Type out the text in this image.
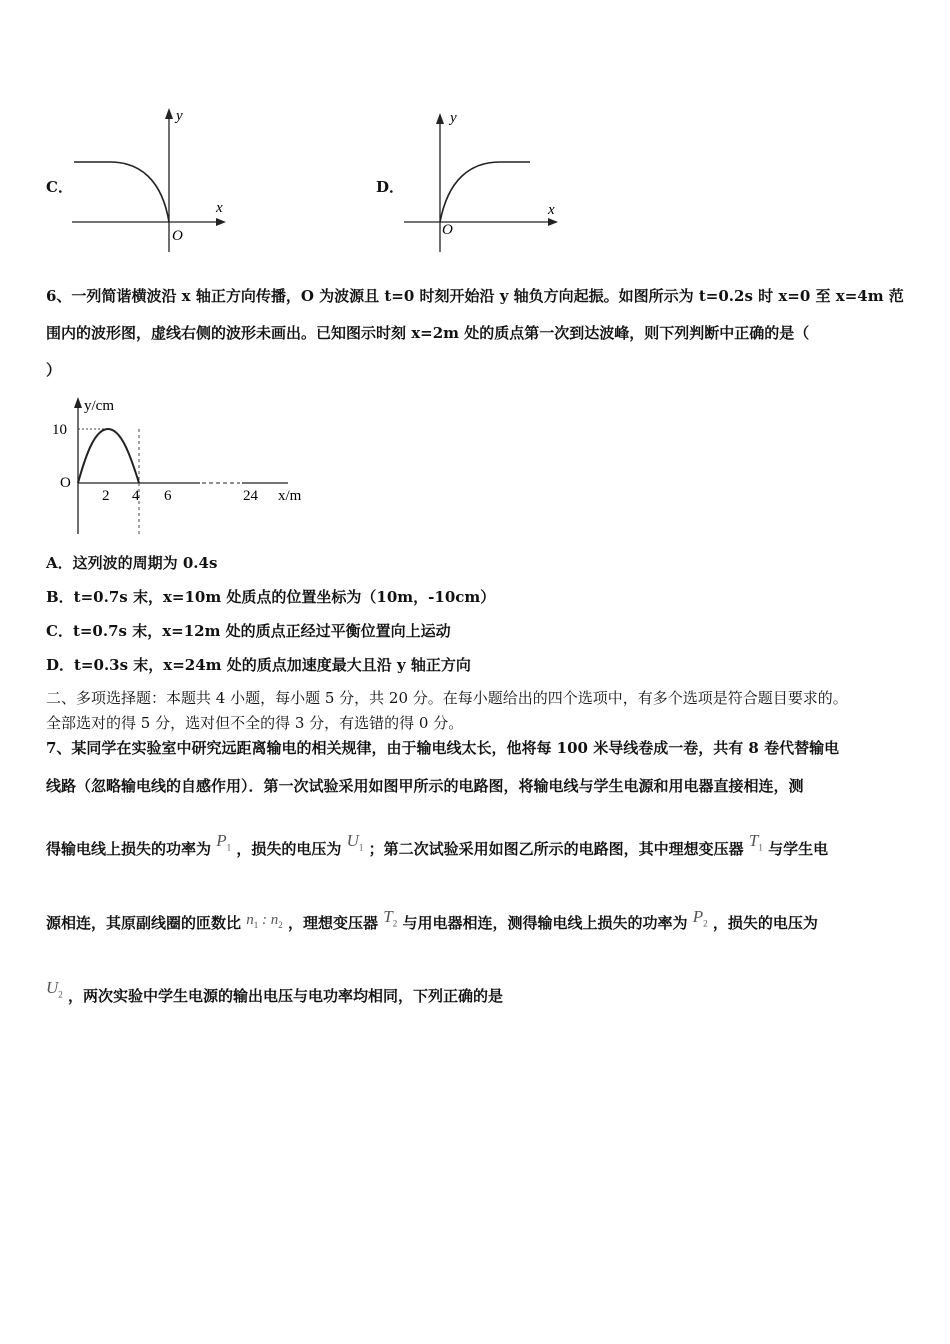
C．
y
x
O
D．
y
x
O
6、一列简谐横波沿 x 轴正方向传播，O 为波源且 t=0 时刻开始沿 y 轴负方向起振。如图所示为 t=0.2s 时 x=0 至 x=4m 范
围内的波形图，虚线右侧的波形未画出。已知图示时刻 x=2m 处的质点第一次到达波峰，则下列判断中正确的是（
）
y/cm
10
O
2 4 6	24 x/m
A．这列波的周期为 0.4s
B．t=0.7s 末，x=10m 处质点的位置坐标为（10m，-10cm）
C．t=0.7s 末，x=12m 处的质点正经过平衡位置向上运动
D．t=0.3s 末，x=24m 处的质点加速度最大且沿 y 轴正方向
二、多项选择题：本题共 4 小题，每小题 5 分，共 20 分。在每小题给出的四个选项中，有多个选项是符合题目要求的。
全部选对的得 5 分，选对但不全的得 3 分，有选错的得 0 分。
7、某同学在实验室中研究远距离输电的相关规律，由于输电线太长，他将每 100 米导线卷成一卷，共有 8 卷代替输电
线路（忽略输电线的自感作用）．第一次试验采用如图甲所示的电路图，将输电线与学生电源和用电器直接相连，测
得输电线上损失的功率为 $P_1$ ，损失的电压为 $U_1$ ；第二次试验采用如图乙所示的电路图，其中理想变压器 $T_1$ 与学生电
源相连，其原副线圈的匝数比 $n_1$ : $n_2$ ，理想变压器 $T_2$ 与用电器相连，测得输电线上损失的功率为 $P_2$ ，损失的电压为
$U_2$ ，两次实验中学生电源的输出电压与电功率均相同，下列正确的是
